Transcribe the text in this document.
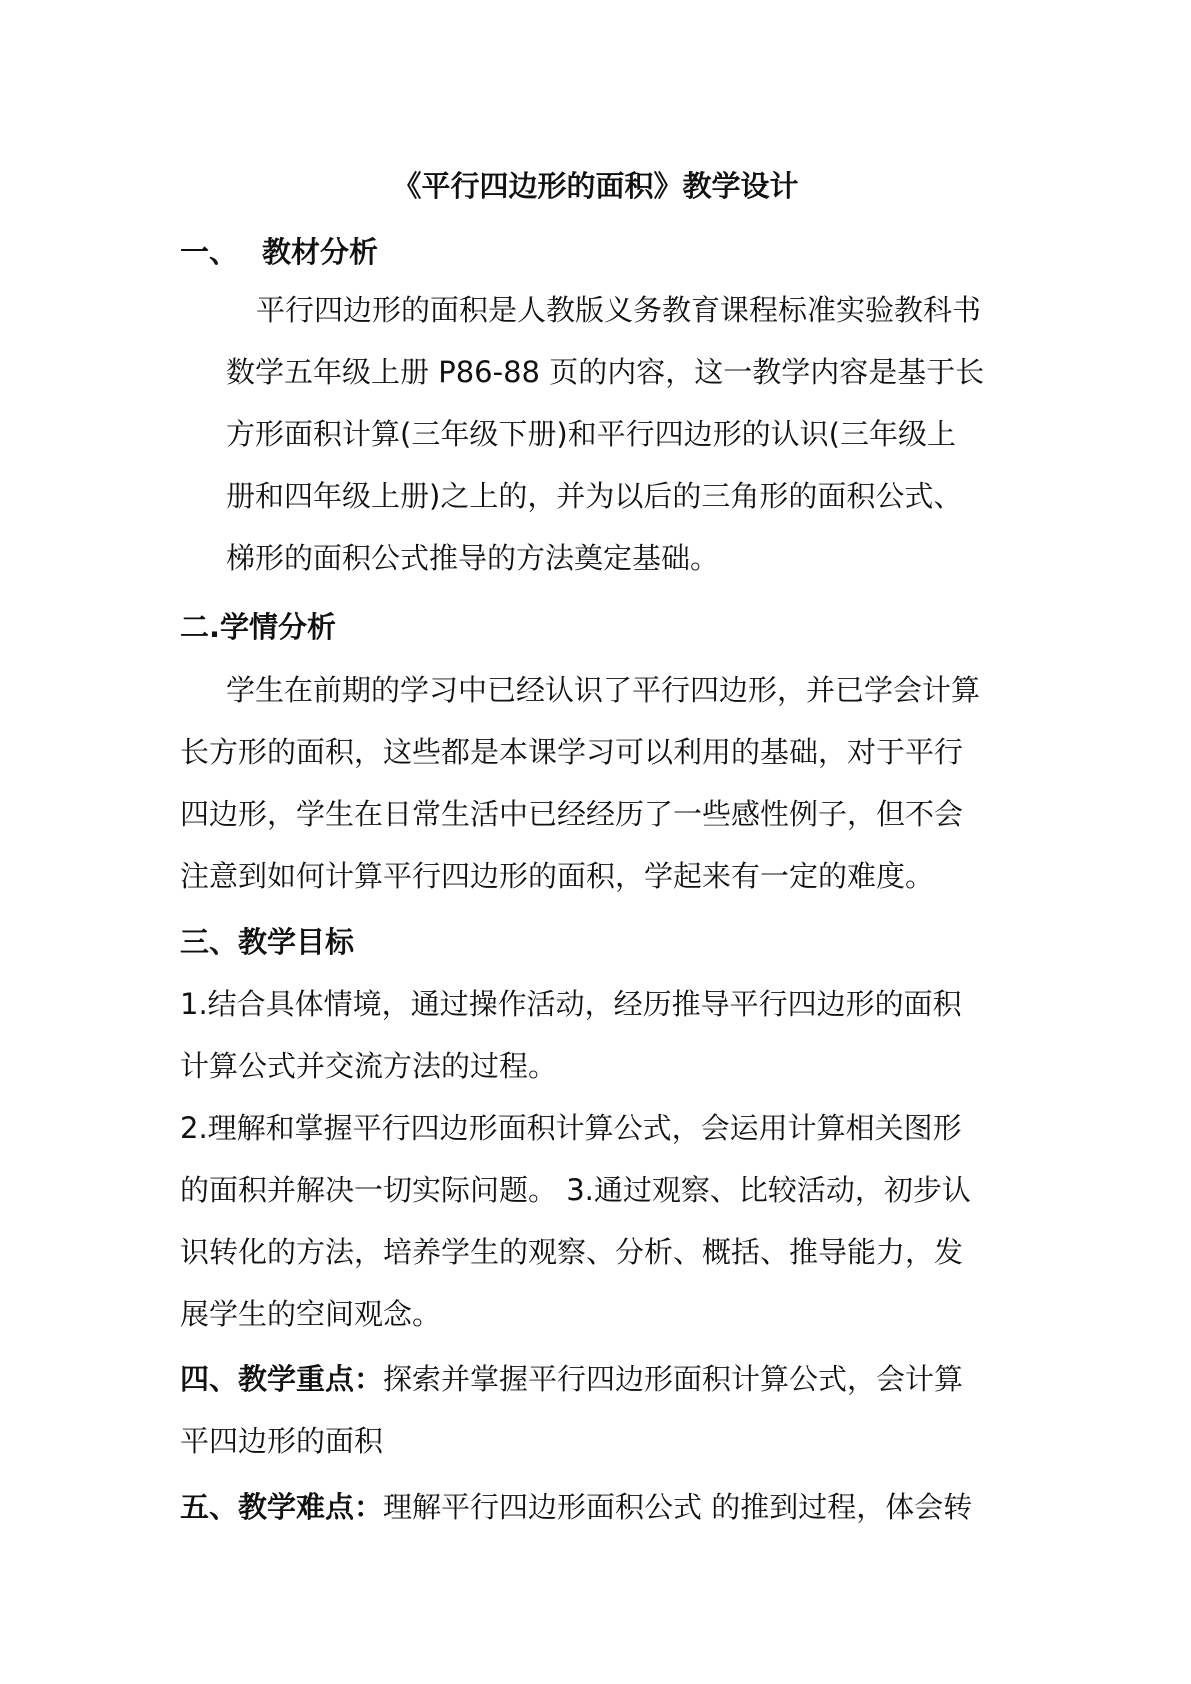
《平行四边形的面积》教学设计
一、 教材分析
平行四边形的面积是人教版义务教育课程标准实验教科书
数学五年级上册 P86-88 页的内容，这一教学内容是基于长
方形面积计算(三年级下册)和平行四边形的认识(三年级上
册和四年级上册)之上的，并为以后的三角形的面积公式、
梯形的面积公式推导的方法奠定基础。
二.学情分析
学生在前期的学习中已经认识了平行四边形，并已学会计算
长方形的面积，这些都是本课学习可以利用的基础，对于平行
四边形，学生在日常生活中已经经历了一些感性例子，但不会
注意到如何计算平行四边形的面积，学起来有一定的难度。
三、教学目标
1.结合具体情境，通过操作活动，经历推导平行四边形的面积
计算公式并交流方法的过程。
2.理解和掌握平行四边形面积计算公式，会运用计算相关图形
的面积并解决一切实际问题。 3.通过观察、比较活动，初步认
识转化的方法，培养学生的观察、分析、概括、推导能力，发
展学生的空间观念。
四、教学重点：探索并掌握平行四边形面积计算公式，会计算
平四边形的面积
五、教学难点：理解平行四边形面积公式 的推到过程，体会转
